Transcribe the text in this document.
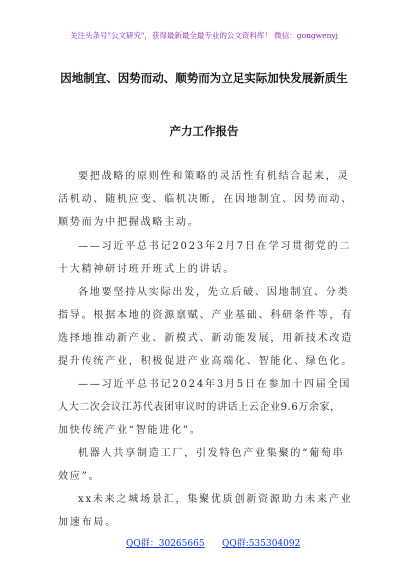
关注头条号"公文研究"，获得最新最全最专业的公文资料库！ 微信：gongwenyj
因地制宜、因势而动、顺势而为立足实际加快发展新质生
产力工作报告
要把战略的原则性和策略的灵活性有机结合起来，灵
活机动、随机应变、临机决断，在因地制宜、因势而动、
顺势而为中把握战略主动。
——习近平总书记2023年2月7日在学习贯彻党的二
十大精神研讨班开班式上的讲话。
各地要坚持从实际出发，先立后破、因地制宜、分类
指导。根据本地的资源禀赋、产业基础、科研条件等，有
选择地推动新产业、新模式、新动能发展，用新技术改造
提升传统产业，积极促进产业高端化、智能化、绿色化。
——习近平总书记2024年3月5日在参加十四届全国
人大二次会议江苏代表团审议时的讲话上云企业9.6万余家，
加快传统产业“智能进化”。
机器人共享制造工厂，引发特色产业集聚的“葡萄串
效应”。
xx未来之城场景汇，集聚优质创新资源助力未来产业
加速布局。
QQ群：30265665 QQ群:535304092
